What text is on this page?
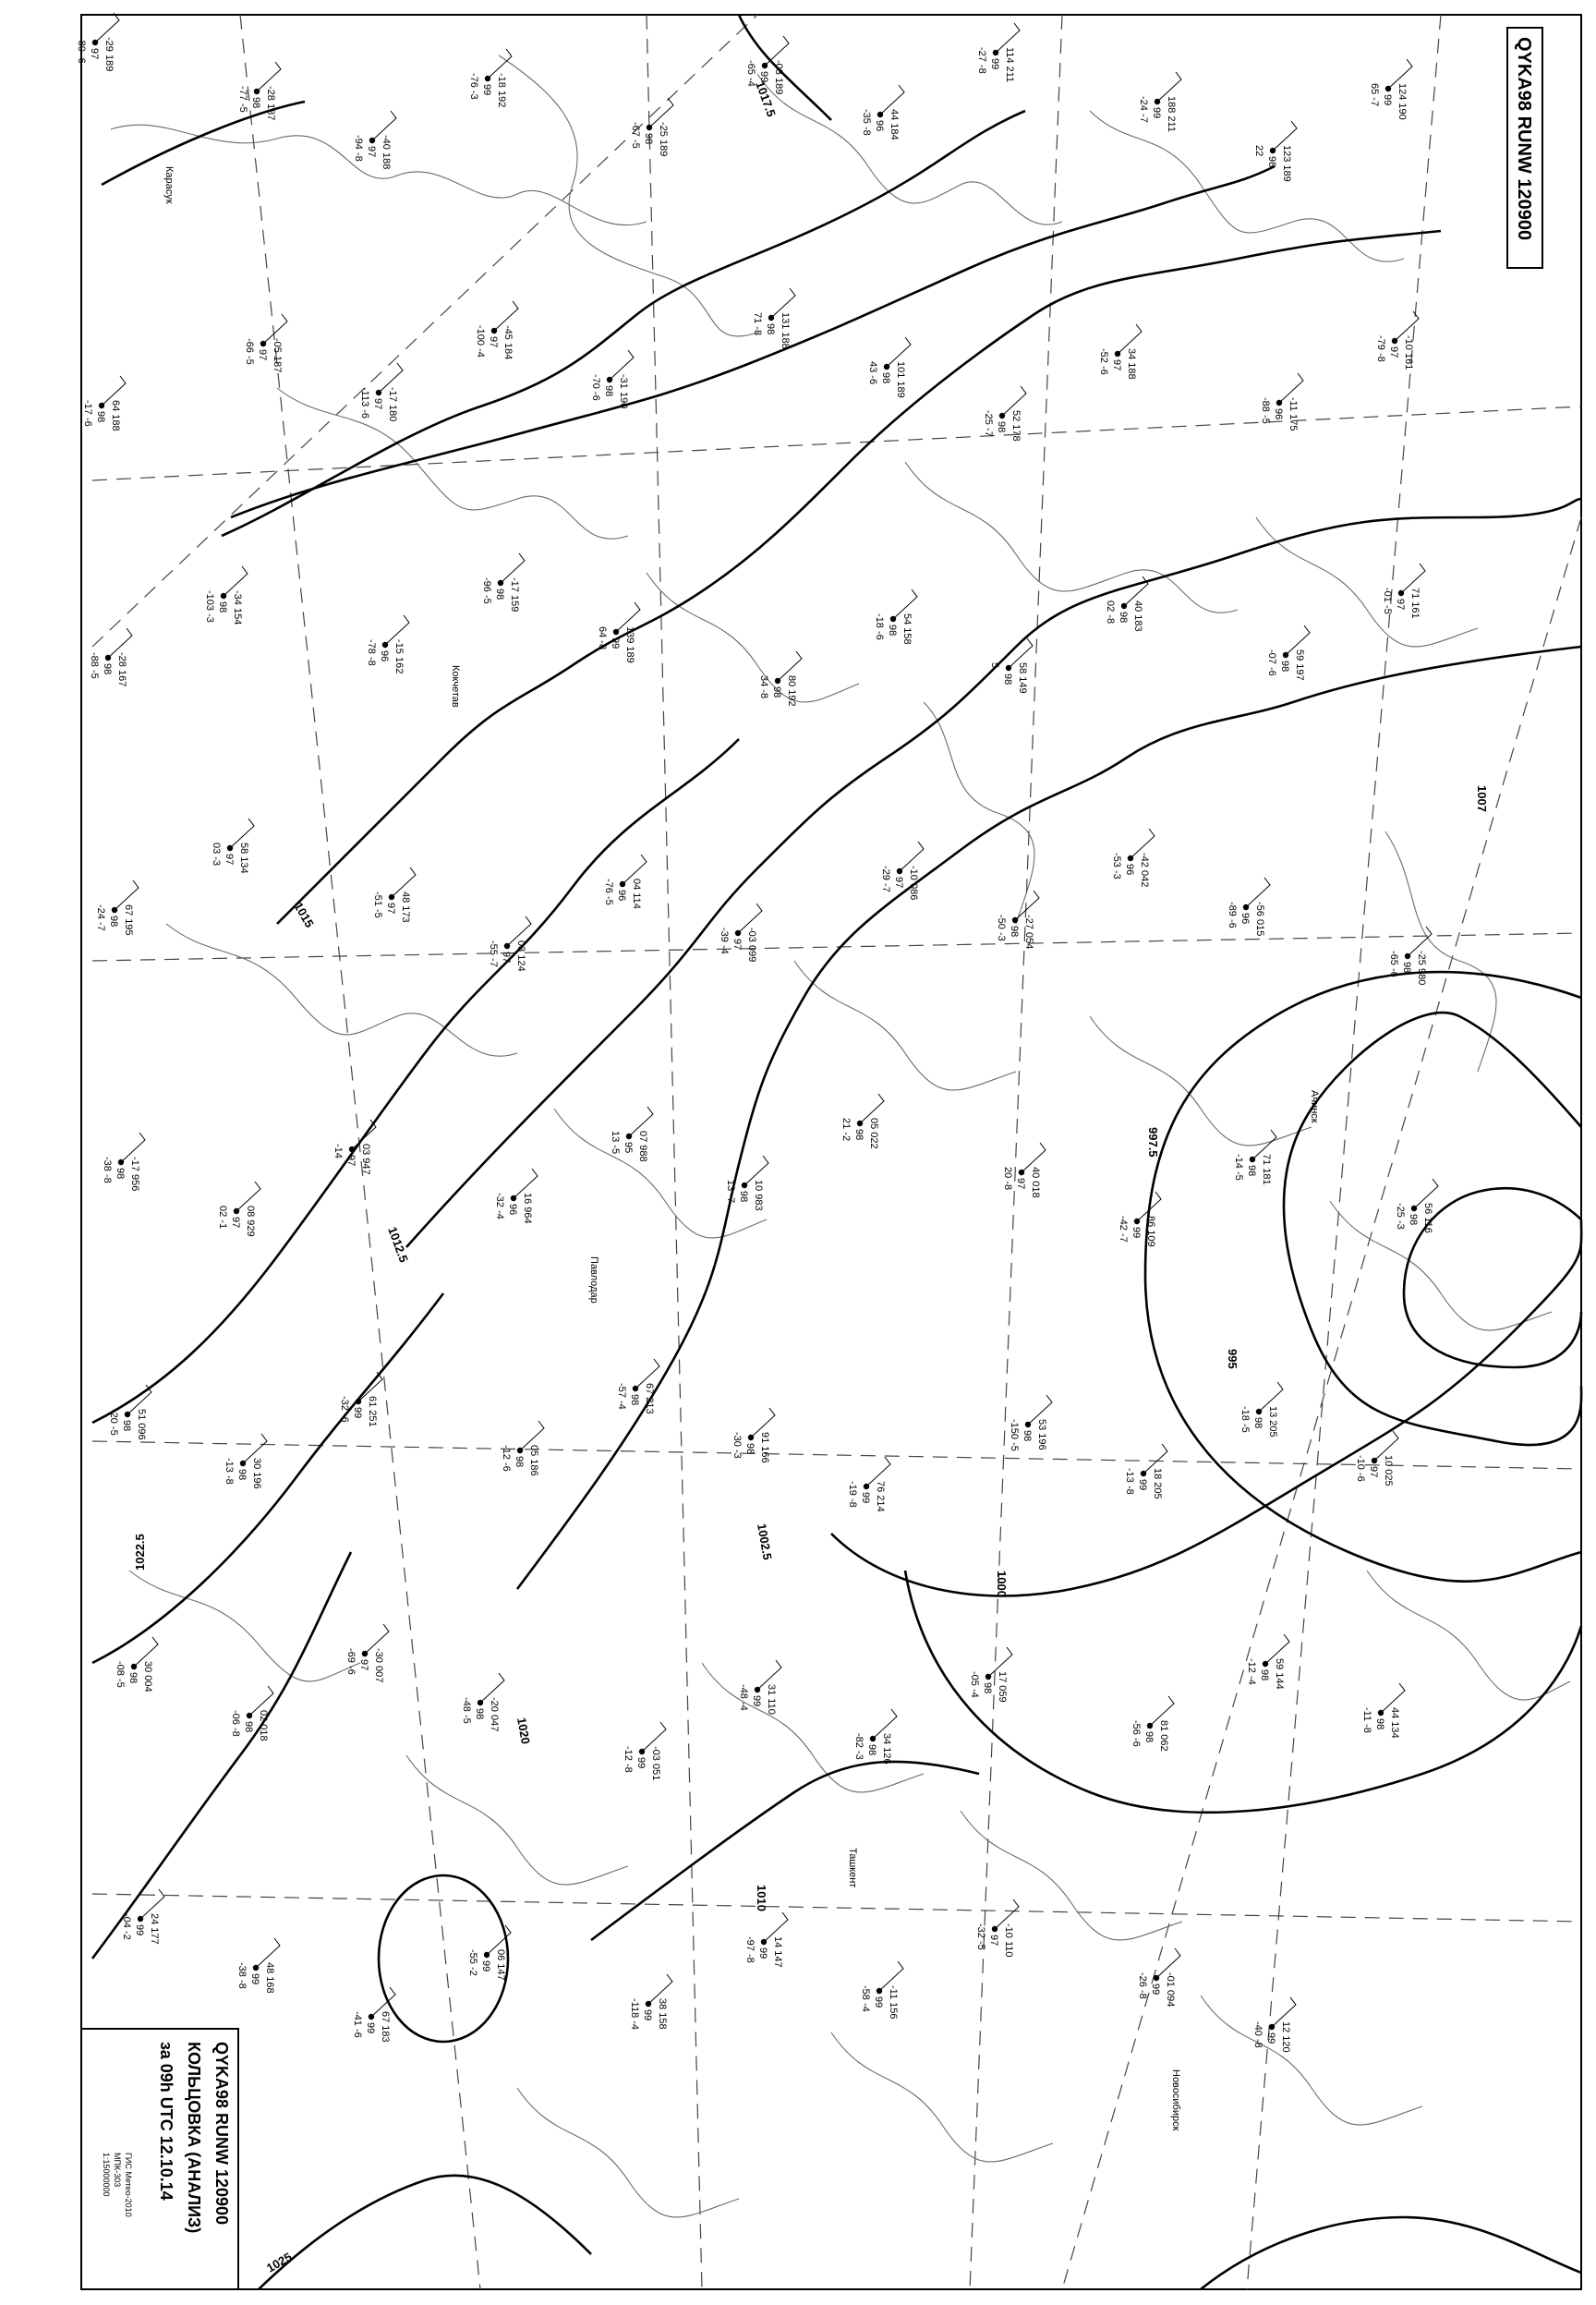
1017.5
1015
1012.5
1010
1007
1002.5
1000
997.5
995
1022.5
1025
1020
Кокчетав
Ачинск
Павлодар
Новосибирск
Ташкент
Карасук
-29 189
97
-80 -6
-28 187
98
-77 -5
-40 188
97
-94 -8
-18 192
99
-76 -3
-25 189
98
-67 -5
-03 189
99
-65 -4
44 184
96
-35 -8
114 211
99
-27 -8
188 211
99
-24 -7
123 189
98
22
124 190
99
65 -7
64 188
98
-17 -6
-05 187
97
-66 -5
-17 180
97
-113 -6
-45 184
97
-100 -4
-31 190
98
-70 -6
131 188
98
71 -8
101 189
98
43 -6
52 178
98
-25 -7
34 188
97
-52 -6
-11 175
96
-88 -5
-10 161
97
-79 -8
-28 167
98
-88 -5
-34 154
98
-103 -3
-15 162
96
-78 -8
-17 159
98
-96 -5
139 189
99
64 -8
80 192
98
34 -8
54 158
98
-18 -6
58 149
98
5
40 183
98
02 -8
59 197
98
-07 -6
71 161
97
-01 -5
67 195
98
-24 -7
58 134
97
03 -3
48 173
97
-51 -5
03 124
97
-55 -7
04 114
96
-76 -5
-03 099
97
-39 -4
-10 086
97
-29 -7
-27 054
98
-50 -3
-42 042
96
-53 -3
-56 015
96
-89 -6
-25 980
98
-65 -6
-17 956
98
-38 -8
08 929
97
02 -1
03 947
97
-14
16 964
96
-32 -4
07 988
95
13 -5
10 983
98
13 -7
05 022
98
21 -2
40 018
97
20 -8
86 109
99
-42 -7
71 181
98
-14 -5
56 116
98
-25 -3
51 096
98
-20 -5
30 196
98
-13 -8
61 251
99
-32 -6
05 186
98
-12 -6
67 213
98
-57 -4
91 166
98
-30 -3
76 214
99
-19 -8
53 196
98
-150 -5
18 205
99
-13 -8
13 205
98
-18 -5
10 025
97
-10 -6
30 004
98
-08 -5
02 018
98
-06 -8
-30 007
97
-69 -6
-20 047
98
-48 -5
-03 051
99
-12 -8
31 110
99
-48 -4
34 126
98
-82 -3
17 059
98
-05 -4
81 062
98
-56 -6
59 144
98
-12 -4
44 134
98
-11 -8
24 177
99
-04 -2
48 168
99
-38 -8
67 183
99
-41 -6
06 147
99
-55 -2
38 158
99
-118 -4
14 147
99
-97 -8
-11 156
99
-58 -4
-10 110
97
-32 -5
-01 094
99
-26 -8
12 120
99
-40 -8
QYKA98 RUNW 120900
QYKA98 RUNW 120900
КОЛЬЦОВКА (АНАЛИЗ)
за 09h UTC 12.10.14
ГИС Метео-2010
МПК-303
1:15000000
